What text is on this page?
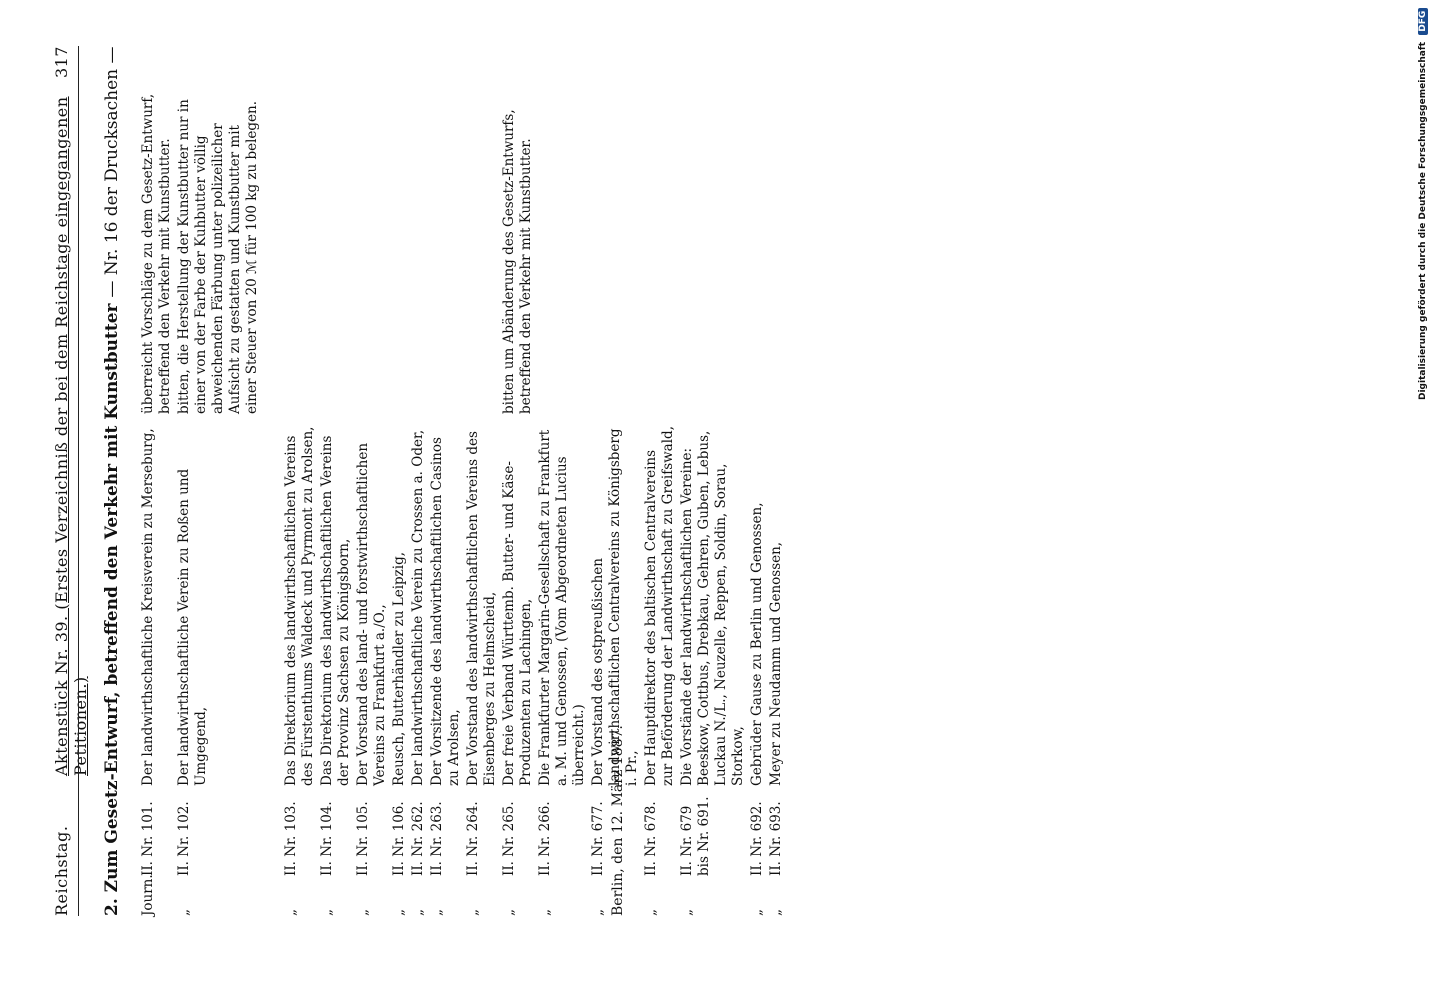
Reichstag.
Aktenstück Nr. 39. (Erstes Verzeichniß der bei dem Reichstage eingegangenen Petitionen.)
317
2. Zum Gesetz-Entwurf, betreffend den Verkehr mit Kunstbutter — Nr. 16 der Drucksachen —
Journ.
II. Nr. 101.
Der landwirthschaftliche Kreisverein zu Merseburg,
überreicht Vorschläge zu dem Gesetz-Entwurf, betreffend den Verkehr mit Kunstbutter.
„
II. Nr. 102.
Der landwirthschaftliche Verein zu Roßen und Umgegend,
bitten, die Herstellung der Kunstbutter nur in einer von der Farbe der Kuhbutter völlig abweichenden Färbung unter polizeilicher Aufsicht zu gestatten und Kunstbutter mit einer Steuer von 20 ℳ für 100 kg zu belegen.
„
II. Nr. 103.
Das Direktorium des landwirthschaftlichen Vereins des Fürstenthums Waldeck und Pyrmont zu Arolsen,
„
II. Nr. 104.
Das Direktorium des landwirthschaftlichen Vereins der Provinz Sachsen zu Königsborn,
„
II. Nr. 105.
Der Vorstand des land- und forstwirthschaftlichen Vereins zu Frankfurt a./O.,
„
II. Nr. 106.
Reusch, Butterhändler zu Leipzig,
„
II. Nr. 262.
Der landwirthschaftliche Verein zu Crossen a. Oder,
„
II. Nr. 263.
Der Vorsitzende des landwirthschaftlichen Casinos zu Arolsen,
„
II. Nr. 264.
Der Vorstand des landwirthschaftlichen Vereins des Eisenberges zu Helmscheid,
„
II. Nr. 265.
Der freie Verband Württemb. Butter- und Käse-Produzenten zu Lachingen,
bitten um Abänderung des Gesetz-Entwurfs, betreffend den Verkehr mit Kunstbutter.
„
II. Nr. 266.
Die Frankfurter Margarin-Gesellschaft zu Frankfurt a. M. und Genossen, (Vom Abgeordneten Lucius überreicht.)
„
II. Nr. 677.
Der Vorstand des ostpreußischen landwirthschaftlichen Centralvereins zu Königsberg i. Pr.,
„
II. Nr. 678.
Der Hauptdirektor des baltischen Centralvereins zur Beförderung der Landwirthschaft zu Greifswald,
„
II. Nr. 679 bis Nr. 691.
Die Vorstände der landwirthschaftlichen Vereine: Beeskow, Cottbus, Drebkau, Gehren, Guben, Lebus, Luckau N./L., Neuzelle, Reppen, Soldin, Sorau, Storkow,
„
II. Nr. 692.
Gebrüder Gause zu Berlin und Genossen,
„
II. Nr. 693.
Meyer zu Neudamm und Genossen,
Berlin, den 12. März 1887.
Digitalisierung gefördert durch die Deutsche Forschungsgemeinschaft DFG
